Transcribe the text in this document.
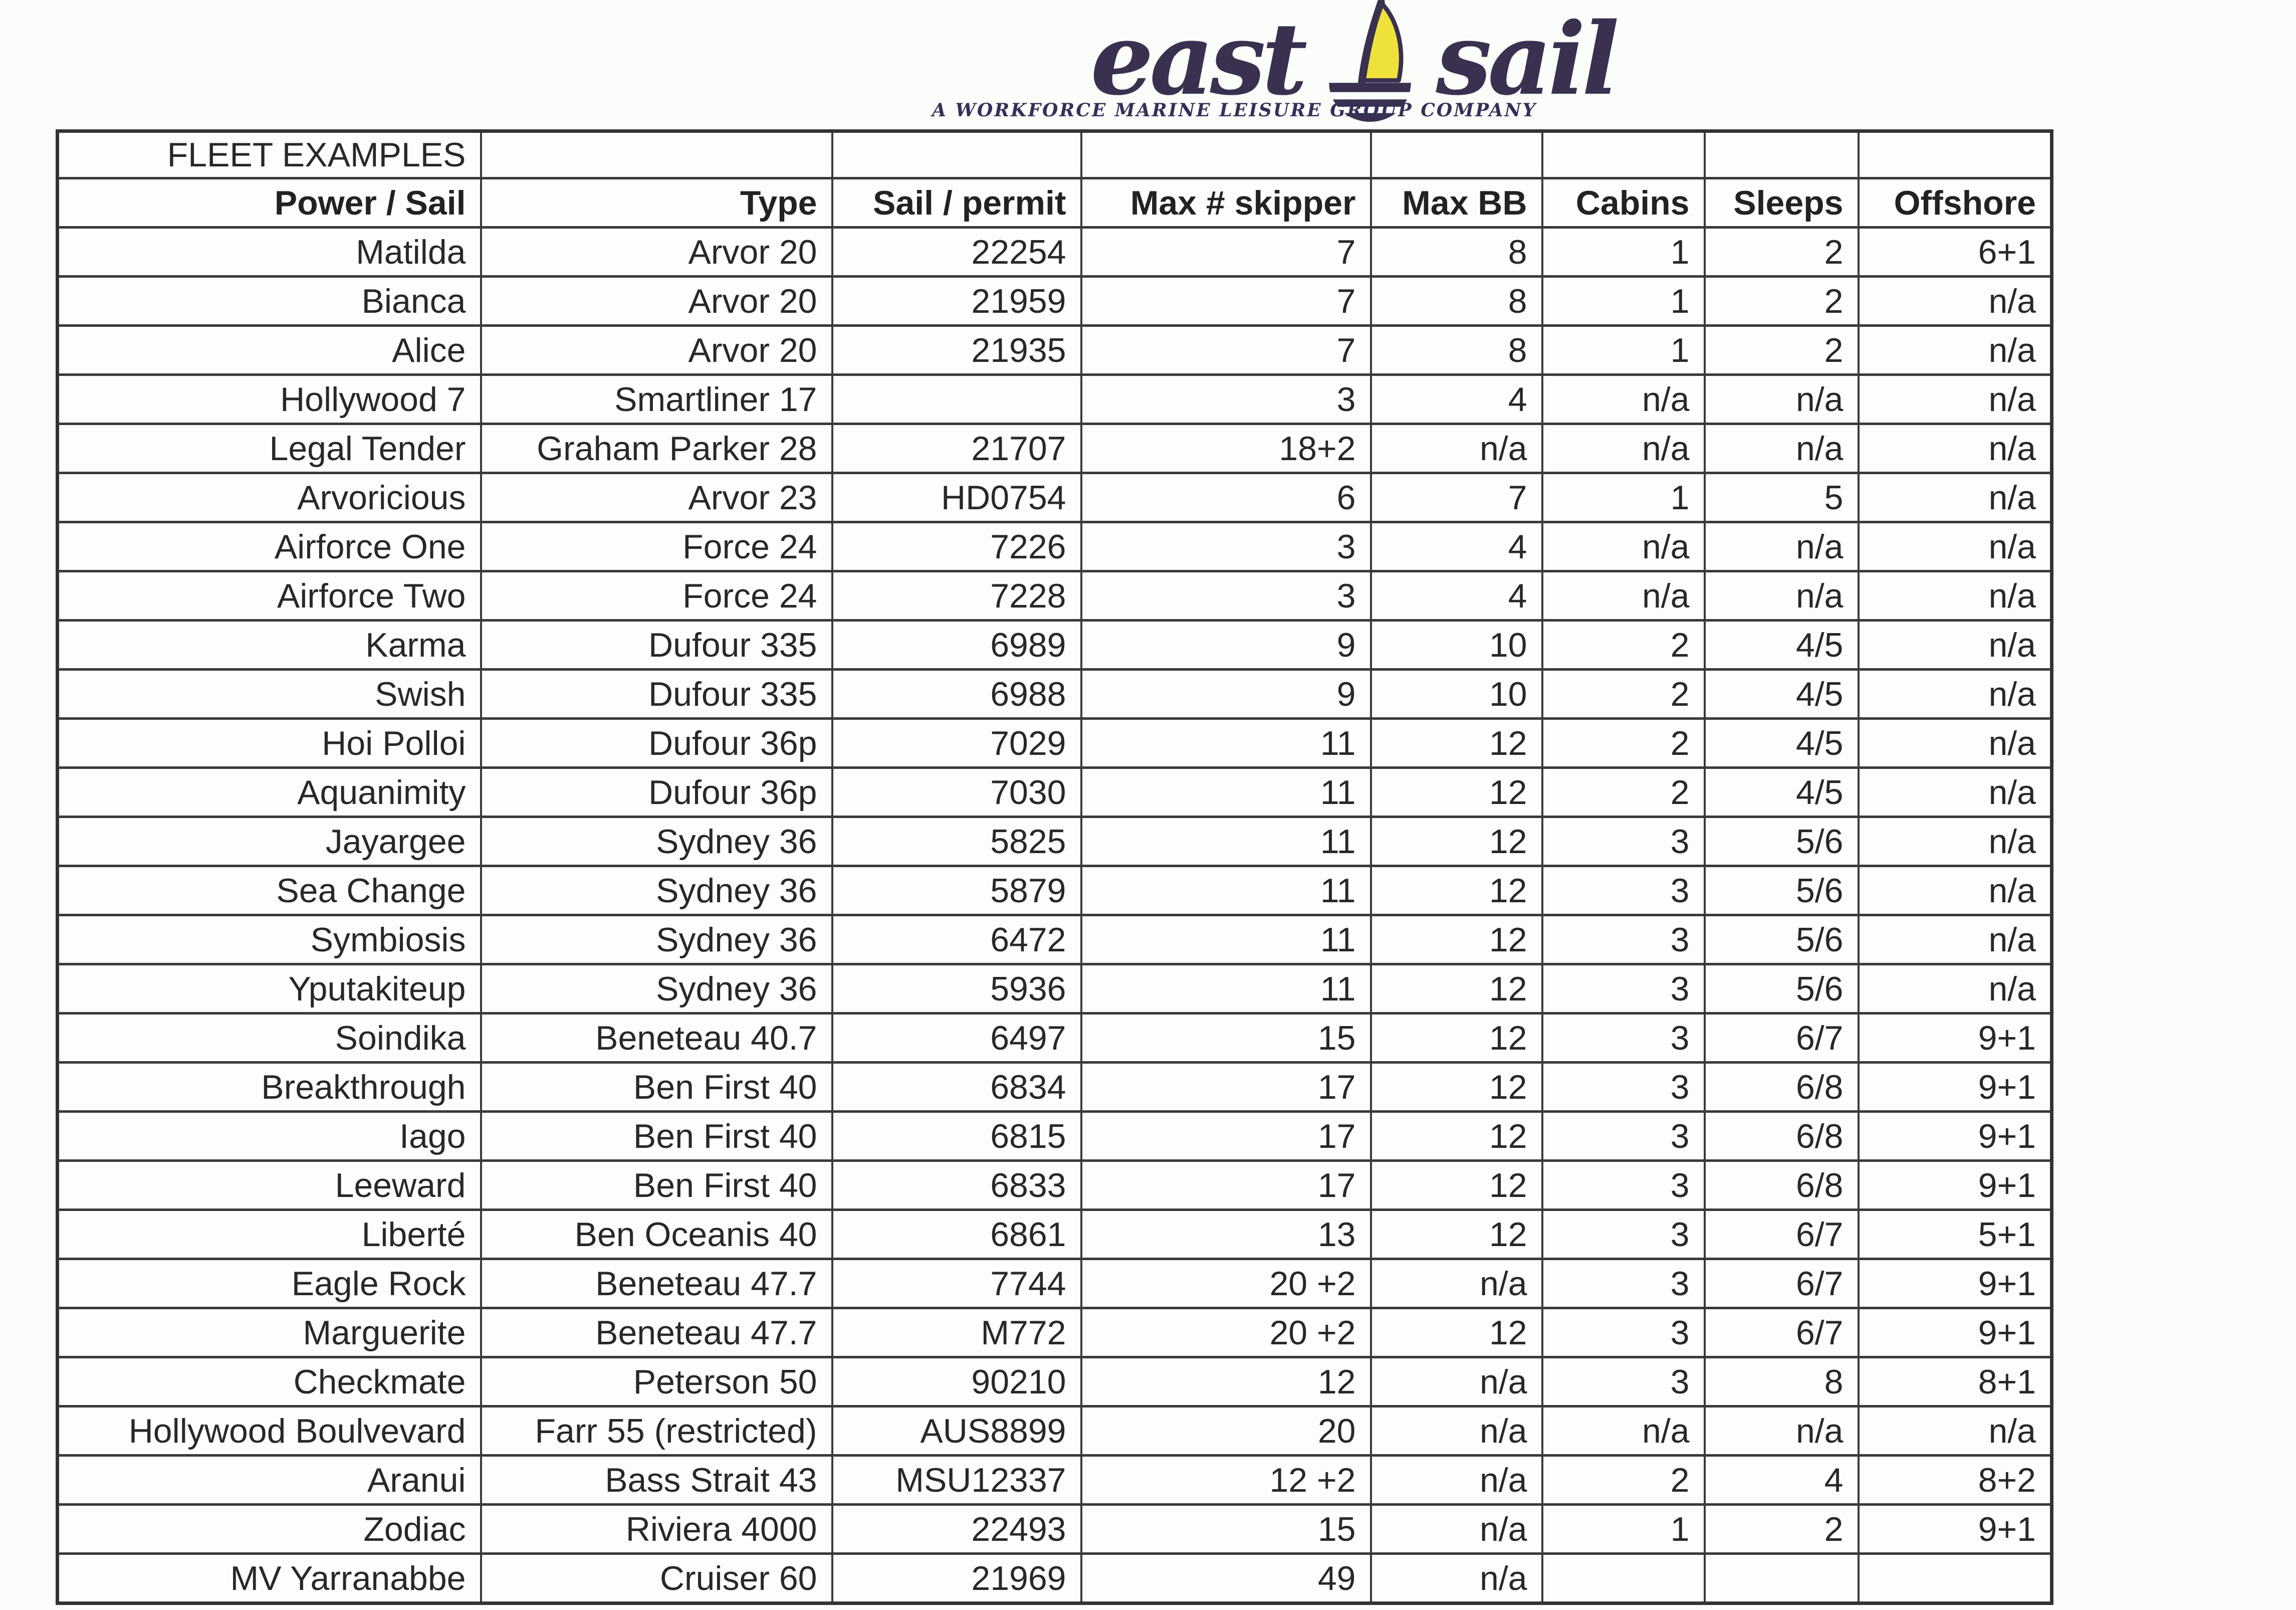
east sail
A WORKFORCE MARINE LEISURE GROUP COMPANY
FLEET EXAMPLES							
Power / Sail	Type	Sail / permit	Max # skipper	Max BB	Cabins	Sleeps	Offshore
Matilda	Arvor 20	22254	7	8	1	2	6+1
Bianca	Arvor 20	21959	7	8	1	2	n/a
Alice	Arvor 20	21935	7	8	1	2	n/a
Hollywood 7	Smartliner 17		3	4	n/a	n/a	n/a
Legal Tender	Graham Parker 28	21707	18+2	n/a	n/a	n/a	n/a
Arvoricious	Arvor 23	HD0754	6	7	1	5	n/a
Airforce One	Force 24	7226	3	4	n/a	n/a	n/a
Airforce Two	Force 24	7228	3	4	n/a	n/a	n/a
Karma	Dufour 335	6989	9	10	2	4/5	n/a
Swish	Dufour 335	6988	9	10	2	4/5	n/a
Hoi Polloi	Dufour 36p	7029	11	12	2	4/5	n/a
Aquanimity	Dufour 36p	7030	11	12	2	4/5	n/a
Jayargee	Sydney 36	5825	11	12	3	5/6	n/a
Sea Change	Sydney 36	5879	11	12	3	5/6	n/a
Symbiosis	Sydney 36	6472	11	12	3	5/6	n/a
Yputakiteup	Sydney 36	5936	11	12	3	5/6	n/a
Soindika	Beneteau 40.7	6497	15	12	3	6/7	9+1
Breakthrough	Ben First 40	6834	17	12	3	6/8	9+1
Iago	Ben First 40	6815	17	12	3	6/8	9+1
Leeward	Ben First 40	6833	17	12	3	6/8	9+1
Liberté	Ben Oceanis 40	6861	13	12	3	6/7	5+1
Eagle Rock	Beneteau 47.7	7744	20 +2	n/a	3	6/7	9+1
Marguerite	Beneteau 47.7	M772	20 +2	12	3	6/7	9+1
Checkmate	Peterson 50	90210	12	n/a	3	8	8+1
Hollywood Boulvevard	Farr 55 (restricted)	AUS8899	20	n/a	n/a	n/a	n/a
Aranui	Bass Strait 43	MSU12337	12 +2	n/a	2	4	8+2
Zodiac	Riviera 4000	22493	15	n/a	1	2	9+1
MV Yarranabbe	Cruiser 60	21969	49	n/a			
